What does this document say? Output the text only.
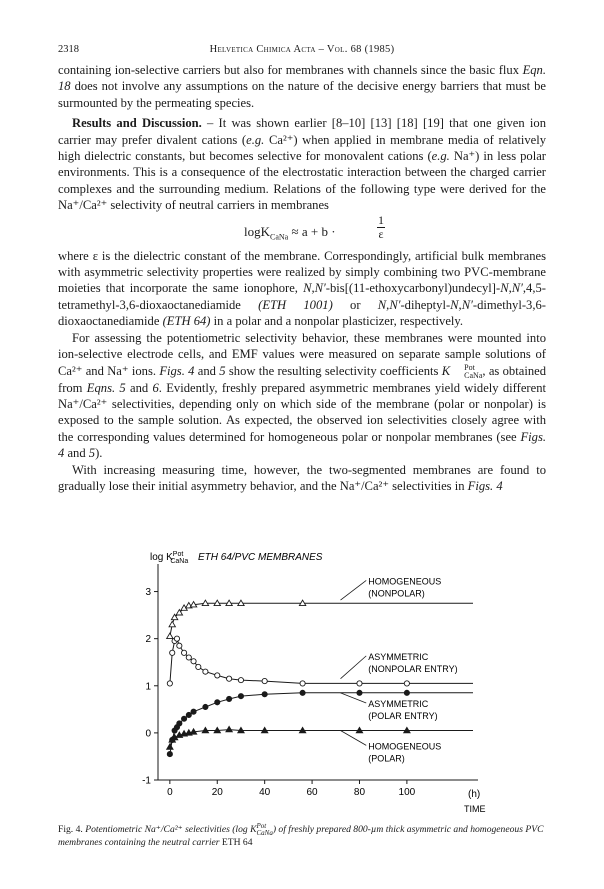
2318	Helvetica Chimica Acta – Vol. 68 (1985)

containing ion-selective carriers but also for membranes with channels since the basic flux Eqn. 18 does not involve any assumptions on the nature of the decisive energy barriers that must be surmounted by the permeating species.

Results and Discussion. – It was shown earlier [8–10] [13] [18] [19] that one given ion carrier may prefer divalent cations (e.g. Ca²⁺) when applied in membrane media of relatively high dielectric constants, but becomes selective for monovalent cations (e.g. Na⁺) in less polar environments. This is a consequence of the electrostatic interaction between the charged carrier complexes and the surrounding medium. Relations of the following type were derived for the Na⁺/Ca²⁺ selectivity of neutral carriers in membranes

logK$_{CaNa}$ ≈ a + b ·	$\frac{1}{\varepsilon}$

where ε is the dielectric constant of the membrane. Correspondingly, artificial bulk membranes with asymmetric selectivity properties were realized by simply combining two PVC-membrane moieties that incorporate the same ionophore, N,N′-bis[(11-ethoxycarbonyl)undecyl]-N,N′,4,5-tetramethyl-3,6-dioxaoctanediamide (ETH 1001) or N,N′-diheptyl-N,N′-dimethyl-3,6-dioxaoctanediamide (ETH 64) in a polar and a nonpolar plasticizer, respectively.

For assessing the potentiometric selectivity behavior, these membranes were mounted into ion-selective electrode cells, and EMF values were measured on separate sample solutions of Ca²⁺ and Na⁺ ions. Figs. 4 and 5 show the resulting selectivity coefficients K	Pot
CaNa , as obtained from Eqns. 5 and 6. Evidently, freshly prepared asymmetric membranes yield widely different Na⁺/Ca²⁺ selectivities, depending only on which side of the membrane (polar or nonpolar) is exposed to the sample solution. As expected, the observed ion selectivities closely agree with the corresponding values determined for homogeneous polar or nonpolar membranes (see Figs. 4 and 5).

With increasing measuring time, however, the two-segmented membranes are found to gradually lose their initial asymmetry behavior, and the Na⁺/Ca²⁺ selectivities in Figs. 4

ETH 64/PVC MEMBRANES
$\log K^{Pot}$ CaNa
(h)
TIME
0	20	40	60	80	100
-1
0
1
2
3
HOMOGENEOUS
(NONPOLAR)
ASYMMETRIC
(NONPOLAR ENTRY)
ASYMMETRIC
(POLAR ENTRY)
HOMOGENEOUS
(POLAR)
Fig. 4. Potentiometric Na⁺/Ca²⁺ selectivities (log K Pot
CaNa ) of freshly prepared 800-µm thick asymmetric and homogeneous PVC membranes containing the neutral carrier ETH 64
